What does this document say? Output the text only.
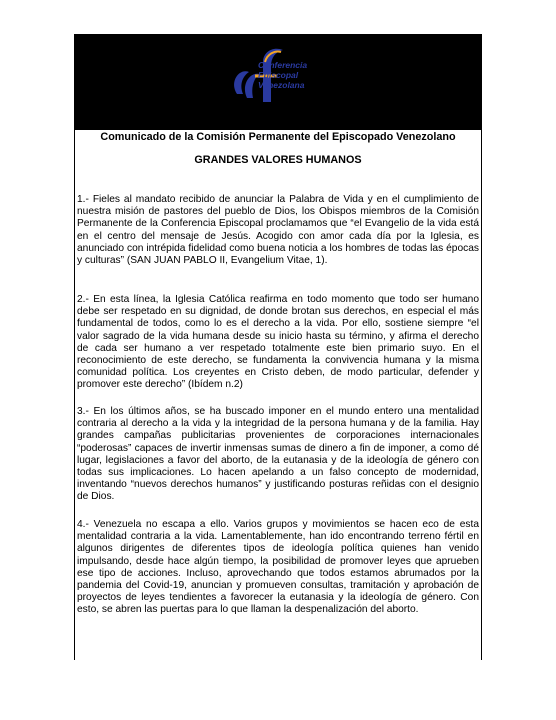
Conferencia
Episcopal
Venezolana
Comunicado de la Comisión Permanente del Episcopado Venezolano
GRANDES VALORES HUMANOS
1.- Fieles al mandato recibido de anunciar la Palabra de Vida y en el cumplimiento de nuestra misión de pastores del pueblo de Dios, los Obispos miembros de la Comisión Permanente de la Conferencia Episcopal proclamamos que “el Evangelio de la vida está en el centro del mensaje de Jesús. Acogido con amor cada día por la Iglesia, es anunciado con intrépida fidelidad como buena noticia a los hombres de todas las épocas y culturas” (SAN JUAN PABLO II, Evangelium Vitae, 1).
2.- En esta línea, la Iglesia Católica reafirma en todo momento que todo ser humano debe ser respetado en su dignidad, de donde brotan sus derechos, en especial el más fundamental de todos, como lo es el derecho a la vida. Por ello, sostiene siempre “el valor sagrado de la vida humana desde su inicio hasta su término, y afirma el derecho de cada ser humano a ver respetado totalmente este bien primario suyo. En el reconocimiento de este derecho, se fundamenta la convivencia humana y la misma comunidad política. Los creyentes en Cristo deben, de modo particular, defender y promover este derecho” (Ibídem n.2)
3.- En los últimos años, se ha buscado imponer en el mundo entero una mentalidad contraria al derecho a la vida y la integridad de la persona humana y de la familia. Hay grandes campañas publicitarias provenientes de corporaciones internacionales “poderosas” capaces de invertir inmensas sumas de dinero a fin de imponer, a como dé lugar, legislaciones a favor del aborto, de la eutanasia y de la ideología de género con todas sus implicaciones. Lo hacen apelando a un falso concepto de modernidad, inventando “nuevos derechos humanos” y justificando posturas reñidas con el designio de Dios.
4.- Venezuela no escapa a ello. Varios grupos y movimientos se hacen eco de esta mentalidad contraria a la vida. Lamentablemente, han ido encontrando terreno fértil en algunos dirigentes de diferentes tipos de ideología política quienes han venido impulsando, desde hace algún tiempo, la posibilidad de promover leyes que aprueben ese tipo de acciones. Incluso, aprovechando que todos estamos abrumados por la pandemia del Covid-19, anuncian y promueven consultas, tramitación y aprobación de proyectos de leyes tendientes a favorecer la eutanasia y la ideología de género. Con esto, se abren las puertas para lo que llaman la despenalización del aborto.
